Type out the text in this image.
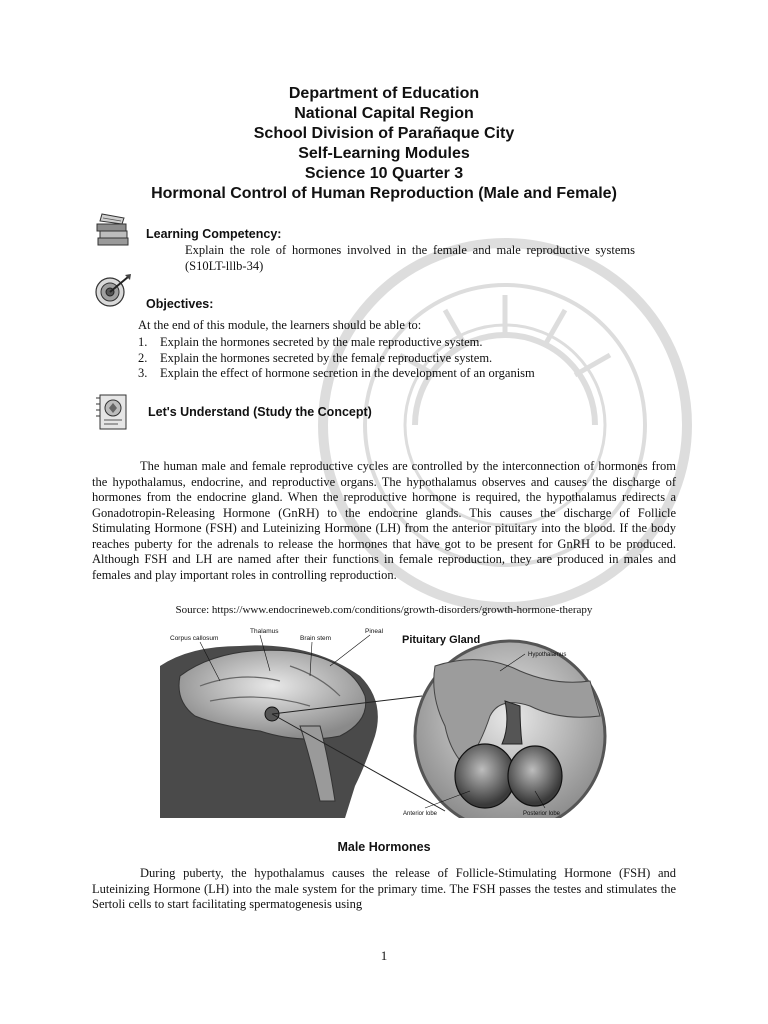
Department of Education
National Capital Region
School Division of Parañaque City
Self-Learning Modules
Science 10 Quarter 3
Hormonal Control of Human Reproduction (Male and Female)
Learning Competency:
Explain the role of hormones involved in the female and male reproductive systems (S10LT-lllb-34)
Objectives:
At the end of this module, the learners should be able to:
1.	Explain the hormones secreted by the male reproductive system.
2.	Explain the hormones secreted by the female reproductive system.
3.	Explain the effect of hormone secretion in the development of an organism
Let's Understand (Study the Concept)
The human male and female reproductive cycles are controlled by the interconnection of hormones from the hypothalamus, endocrine, and reproductive organs. The hypothalamus observes and causes the discharge of hormones from the endocrine gland. When the reproductive hormone is required, the hypothalamus redirects a Gonadotropin-Releasing Hormone (GnRH) to the endocrine glands. This causes the discharge of Follicle Stimulating Hormone (FSH) and Luteinizing Hormone (LH) from the anterior pituitary into the blood. If the body reaches puberty for the adrenals to release the hormones that have got to be present for GnRH to be produced. Although FSH and LH are named after their functions in female reproduction, they are produced in males and females and play important roles in controlling reproduction.
Source: https://www.endocrineweb.com/conditions/growth-disorders/growth-hormone-therapy
Corpus callosum
Thalamus
Brain stem
Pineal
Pituitary Gland
Hypothalamus
Anterior lobe	Posterior lobe
Male Hormones
During puberty, the hypothalamus causes the release of Follicle-Stimulating Hormone (FSH) and Luteinizing Hormone (LH) into the male system for the primary time. The FSH passes the testes and stimulates the Sertoli cells to start facilitating spermatogenesis using
1
